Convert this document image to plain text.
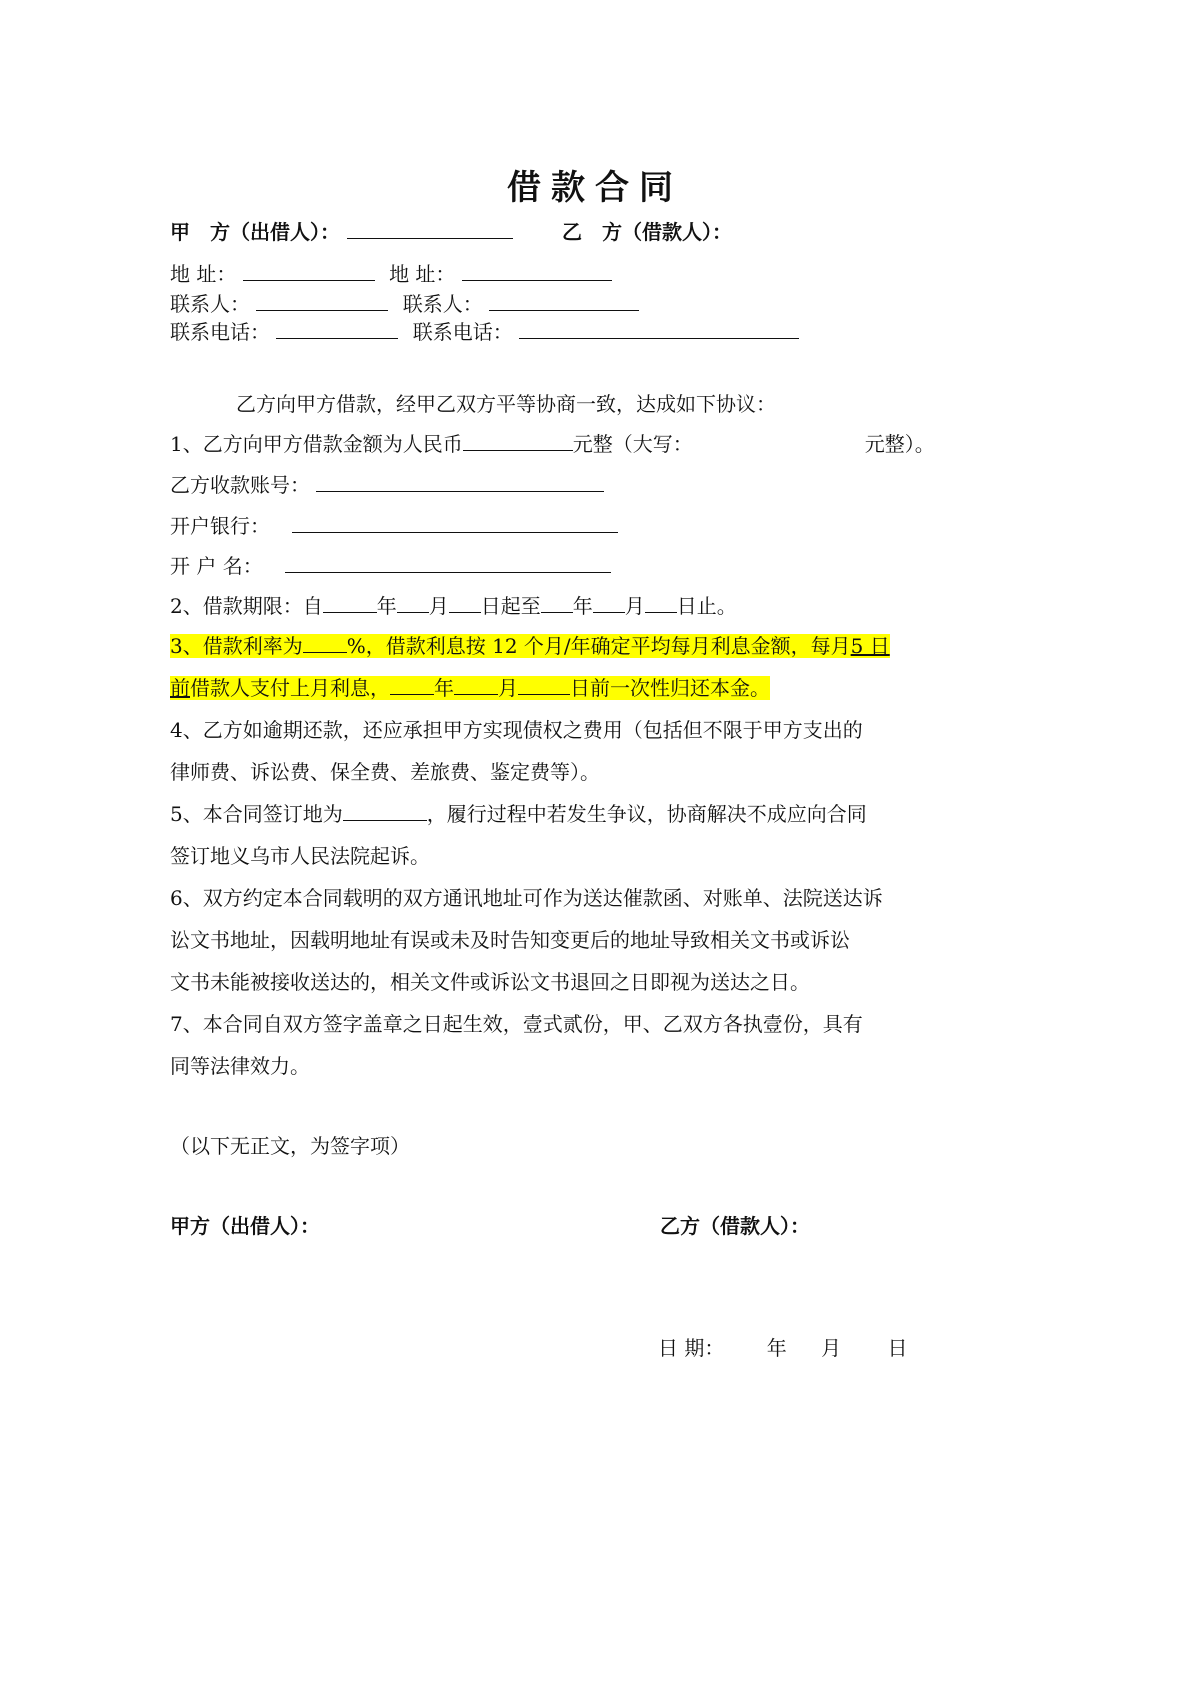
借款合同
甲　方（出借人）：	乙　方（借款人）：
地 址：	地 址：
联系人：	联系人：
联系电话：	联系电话：
乙方向甲方借款，经甲乙双方平等协商一致，达成如下协议：
1、乙方向甲方借款金额为人民币	元整（大写：	元整）。
乙方收款账号：
开户银行：
开 户 名：
2、借款期限：自	年 月 日起至 年 月 日止。
3、借款利率为 %，借款利息按 12 个月/年确定平均每月利息金额，每月5 日
前借款人支付上月利息， 年 月	日前一次性归还本金。
4、乙方如逾期还款，还应承担甲方实现债权之费用（包括但不限于甲方支出的
律师费、诉讼费、保全费、差旅费、鉴定费等）。
5、本合同签订地为	，履行过程中若发生争议，协商解决不成应向合同
签订地义乌市人民法院起诉。
6、双方约定本合同载明的双方通讯地址可作为送达催款函、对账单、法院送达诉
讼文书地址，因载明地址有误或未及时告知变更后的地址导致相关文书或诉讼
文书未能被接收送达的，相关文件或诉讼文书退回之日即视为送达之日。
7、本合同自双方签字盖章之日起生效，壹式贰份，甲、乙双方各执壹份，具有
同等法律效力。
（以下无正文，为签字项）
甲方（出借人）：	乙方（借款人）：
日 期： 年 月 日
